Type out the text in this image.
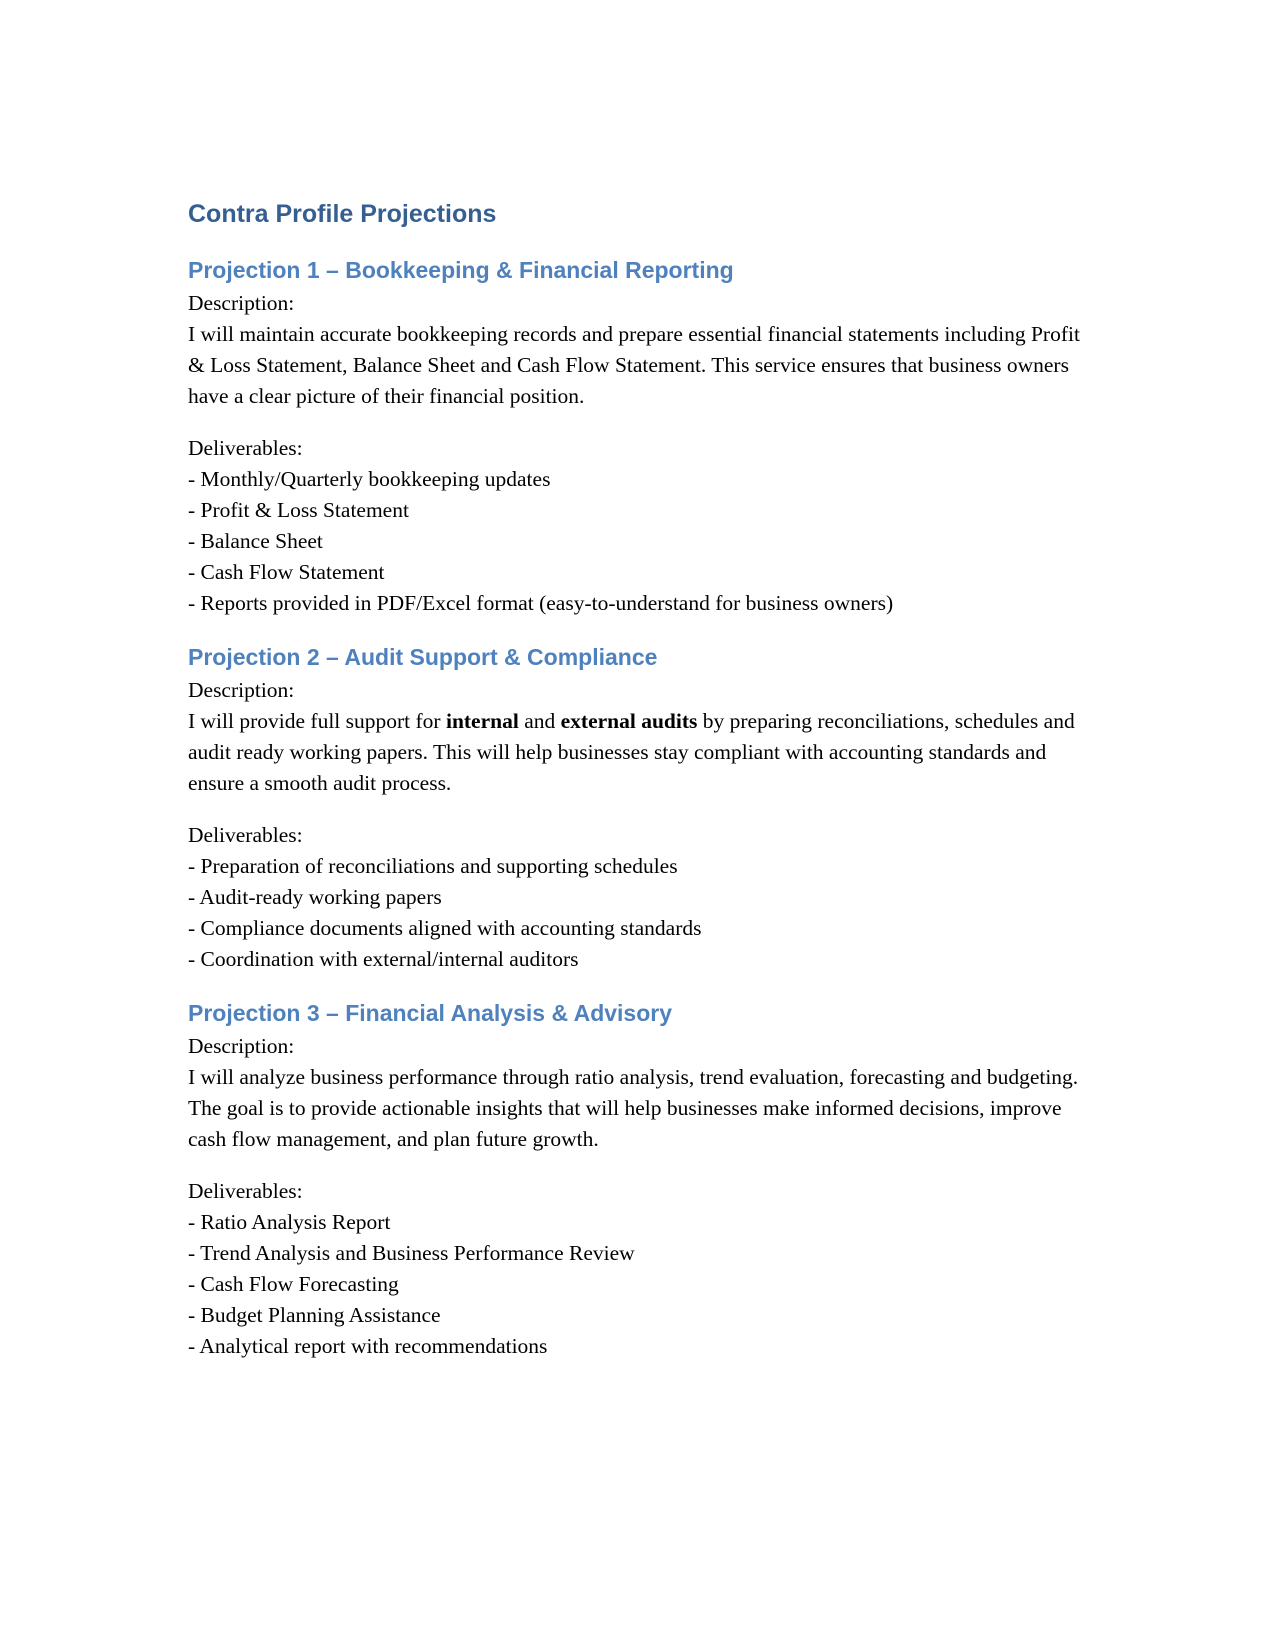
Contra Profile Projections
Projection 1 – Bookkeeping & Financial Reporting
Description:
I will maintain accurate bookkeeping records and prepare essential financial statements including Profit & Loss Statement, Balance Sheet and Cash Flow Statement. This service ensures that business owners have a clear picture of their financial position.
Deliverables:
- Monthly/Quarterly bookkeeping updates
- Profit & Loss Statement
- Balance Sheet
- Cash Flow Statement
- Reports provided in PDF/Excel format (easy-to-understand for business owners)
Projection 2 – Audit Support & Compliance
Description:
I will provide full support for internal and external audits by preparing reconciliations, schedules and audit ready working papers. This will help businesses stay compliant with accounting standards and ensure a smooth audit process.
Deliverables:
- Preparation of reconciliations and supporting schedules
- Audit-ready working papers
- Compliance documents aligned with accounting standards
- Coordination with external/internal auditors
Projection 3 – Financial Analysis & Advisory
Description:
I will analyze business performance through ratio analysis, trend evaluation, forecasting and budgeting. The goal is to provide actionable insights that will help businesses make informed decisions, improve cash flow management, and plan future growth.
Deliverables:
- Ratio Analysis Report
- Trend Analysis and Business Performance Review
- Cash Flow Forecasting
- Budget Planning Assistance
- Analytical report with recommendations
